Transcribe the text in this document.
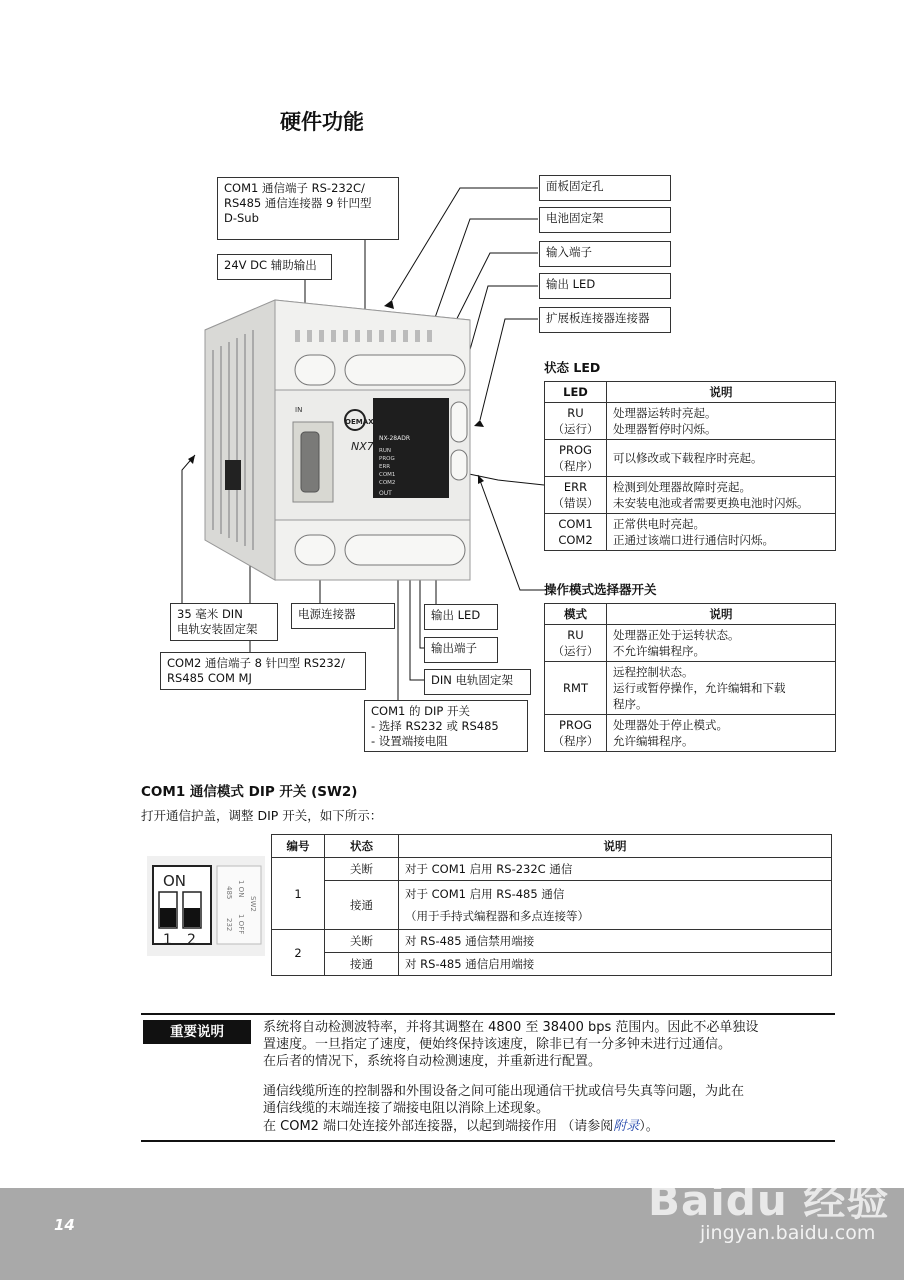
硬件功能
IN
OEMAX
NX7
NX-28ADR
RUN
PROG
ERR
COM1
COM2
OUT
COM1 通信端子 RS-232C/
RS485 通信连接器 9 针凹型
D-Sub
24V DC 辅助输出
面板固定孔
电池固定架
输入端子
输出 LED
扩展板连接器连接器
35 毫米 DIN
电轨安装固定架
电源连接器	输出 LED
输出端子
DIN 电轨固定架
COM2 通信端子 8 针凹型 RS232/
RS485 COM MJ
COM1 的 DIP 开关
- 选择 RS232 或 RS485
- 设置端接电阻
状态 LED
LED	说明
RU
（运行）	处理器运转时亮起。
处理器暂停时闪烁。
PROG
（程序）	可以修改或下载程序时亮起。
ERR
（错误）	检测到处理器故障时亮起。
未安装电池或者需要更换电池时闪烁。
COM1
COM2	正常供电时亮起。
正通过该端口进行通信时闪烁。
操作模式选择器开关
模式	说明
RU
（运行）	处理器正处于运转状态。
不允许编辑程序。
RMT	远程控制状态。
运行或暂停操作，允许编辑和下载
程序。
PROG
（程序）	处理器处于停止模式。
允许编辑程序。
COM1 通信模式 DIP 开关 (SW2)
打开通信护盖，调整 DIP 开关，如下所示：
ON
1 2
485
232
1 ON
1 OFF
SW2
编号	状态	说明
1	关断	对于 COM1 启用 RS-232C 通信
	接通	对于 COM1 启用 RS-485 通信
（用于手持式编程器和多点连接等）
2	关断	对 RS-485 通信禁用端接
	接通	对 RS-485 通信启用端接
重要说明	系统将自动检测波特率，并将其调整在 4800 至 38400 bps 范围内。因此不必单独设
置速度。一旦指定了速度，便始终保持该速度，除非已有一分多钟未进行过通信。
在后者的情况下，系统将自动检测速度，并重新进行配置。
通信线缆所连的控制器和外围设备之间可能出现通信干扰或信号失真等问题，为此在
通信线缆的末端连接了端接电阻以消除上述现象。
在 COM2 端口处连接外部连接器，以起到端接作用 （请参阅附录）。
14	Baidu 经验
jingyan.baidu.com
